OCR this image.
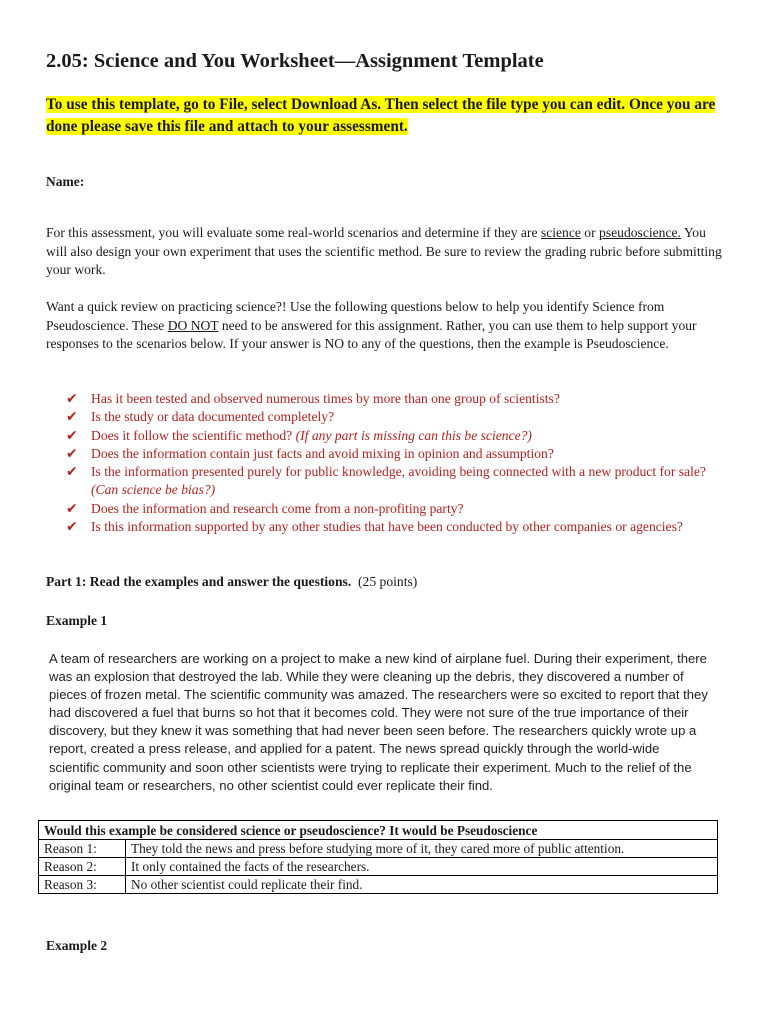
2.05: Science and You Worksheet—Assignment Template
To use this template, go to File, select Download As. Then select the file type you can edit. Once you are done please save this file and attach to your assessment.
Name:

For this assessment, you will evaluate some real-world scenarios and determine if they are science or pseudoscience. You will also design your own experiment that uses the scientific method. Be sure to review the grading rubric before submitting your work.

Want a quick review on practicing science?! Use the following questions below to help you identify Science from Pseudoscience. These DO NOT need to be answered for this assignment. Rather, you can use them to help support your responses to the scenarios below. If your answer is NO to any of the questions, then the example is Pseudoscience.

✔ Has it been tested and observed numerous times by more than one group of scientists?
✔ Is the study or data documented completely?
✔ Does it follow the scientific method? (If any part is missing can this be science?)
✔ Does the information contain just facts and avoid mixing in opinion and assumption?
✔ Is the information presented purely for public knowledge, avoiding being connected with a new product for sale? (Can science be bias?)
✔ Does the information and research come from a non-profiting party?
✔ Is this information supported by any other studies that have been conducted by other companies or agencies?
Part 1: Read the examples and answer the questions. (25 points)
Example 1

A team of researchers are working on a project to make a new kind of airplane fuel. During their experiment, there was an explosion that destroyed the lab. While they were cleaning up the debris, they discovered a number of pieces of frozen metal. The scientific community was amazed. The researchers were so excited to report that they had discovered a fuel that burns so hot that it becomes cold. They were not sure of the true importance of their discovery, but they knew it was something that had never been seen before. The researchers quickly wrote up a report, created a press release, and applied for a patent. The news spread quickly through the world-wide scientific community and soon other scientists were trying to replicate their experiment. Much to the relief of the original team or researchers, no other scientist could ever replicate their find.

Would this example be considered science or pseudoscience? It would be Pseudoscience	
Reason 1:	They told the news and press before studying more of it, they cared more of public attention.
Reason 2:	It only contained the facts of the researchers.
Reason 3:	No other scientist could replicate their find.
Example 2
